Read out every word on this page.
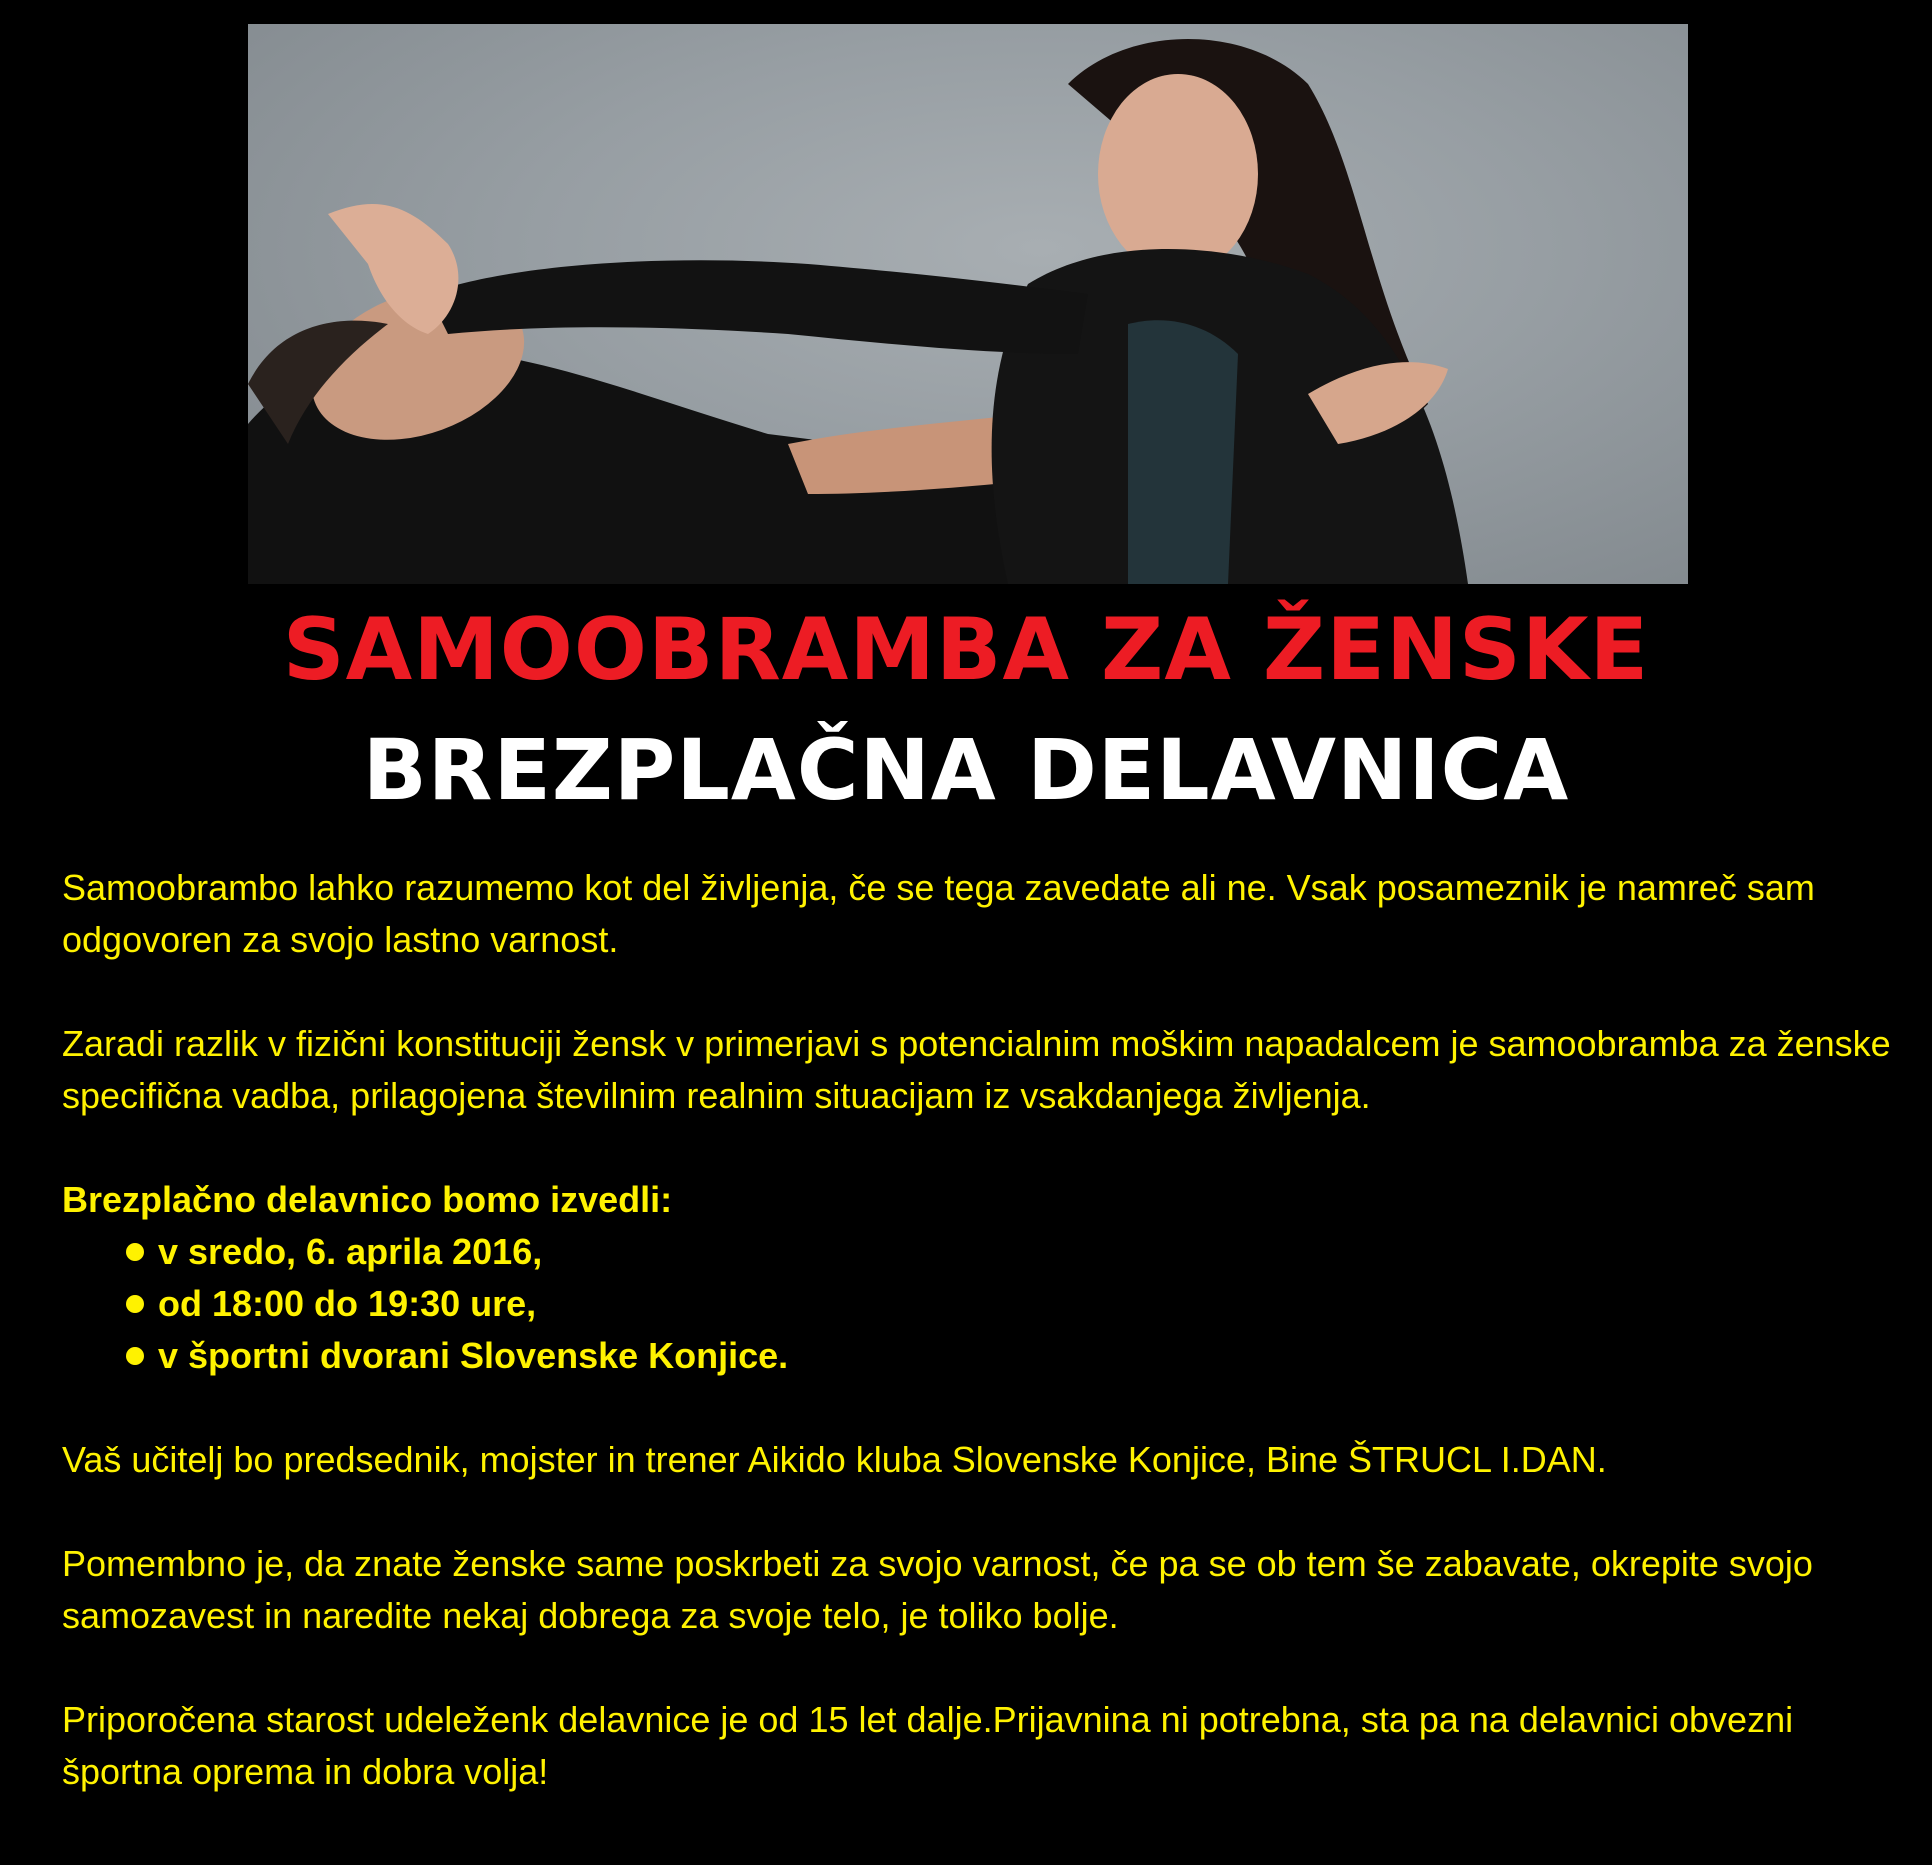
SAMOOBRAMBA ZA ŽENSKE
BREZPLAČNA DELAVNICA

Samoobrambo lahko razumemo kot del življenja, če se tega zavedate ali ne. Vsak posameznik je namreč sam odgovoren za svojo lastno varnost.

Zaradi razlik v fizični konstituciji žensk v primerjavi s potencialnim moškim napadalcem je samoobramba za ženske specifična vadba, prilagojena številnim realnim situacijam iz vsakdanjega življenja.

Brezplačno delavnico bomo izvedli:

v sredo, 6. aprila 2016,
od 18:00 do 19:30 ure,
v športni dvorani Slovenske Konjice.

Vaš učitelj bo predsednik, mojster in trener Aikido kluba Slovenske Konjice, Bine ŠTRUCL I.DAN.

Pomembno je, da znate ženske same poskrbeti za svojo varnost, če pa se ob tem še zabavate, okrepite svojo samozavest in naredite nekaj dobrega za svoje telo, je toliko bolje.

Priporočena starost udeleženk delavnice je od 15 let dalje.Prijavnina ni potrebna, sta pa na delavnici obvezni športna oprema in dobra volja!
